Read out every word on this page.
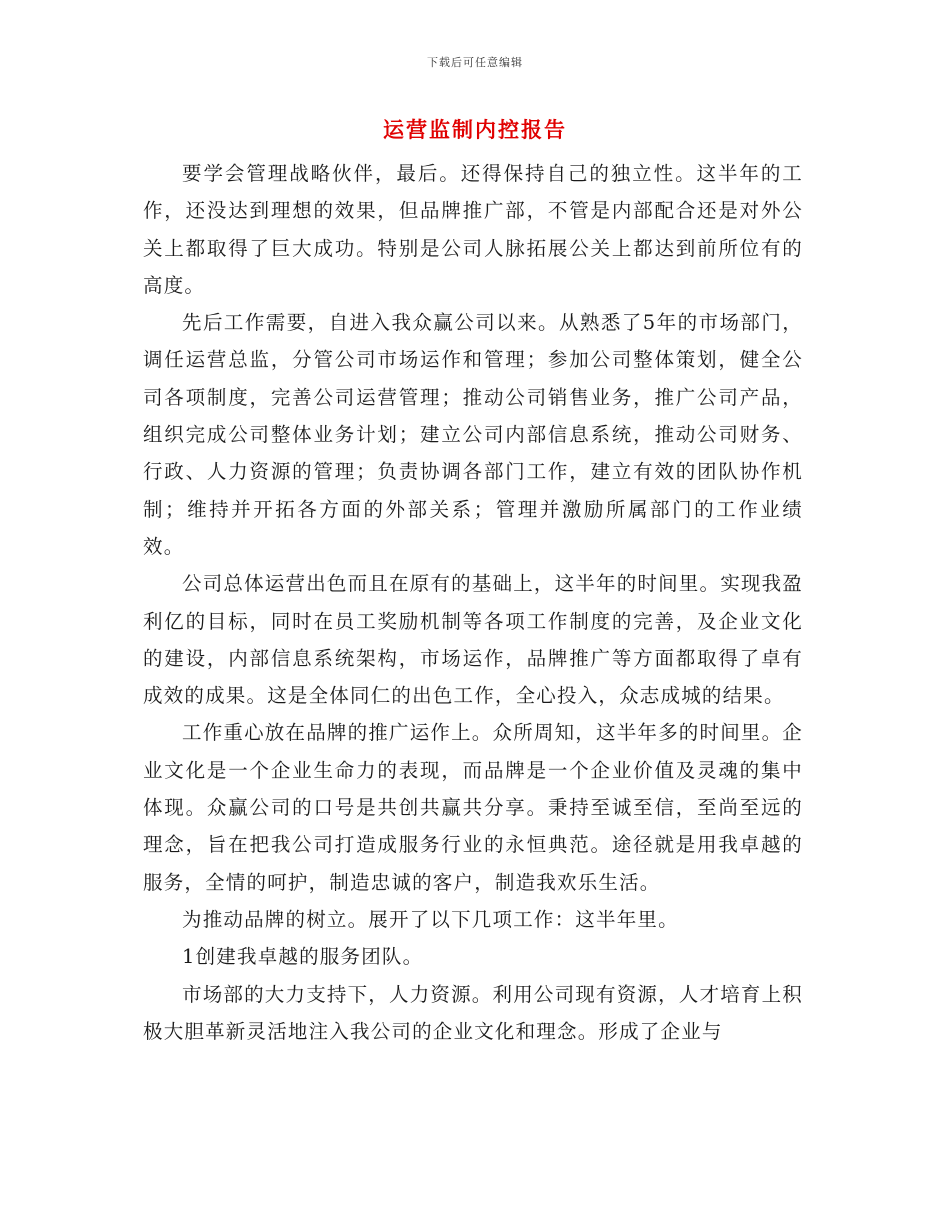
下载后可任意编辑
运营监制内控报告

要学会管理战略伙伴，最后。还得保持自己的独立性。这半年的工作，还没达到理想的效果，但品牌推广部，不管是内部配合还是对外公关上都取得了巨大成功。特别是公司人脉拓展公关上都达到前所位有的高度。

先后工作需要，自进入我众赢公司以来。从熟悉了5年的市场部门，调任运营总监，分管公司市场运作和管理；参加公司整体策划，健全公司各项制度，完善公司运营管理；推动公司销售业务，推广公司产品，组织完成公司整体业务计划；建立公司内部信息系统，推动公司财务、行政、人力资源的管理；负责协调各部门工作，建立有效的团队协作机制；维持并开拓各方面的外部关系；管理并激励所属部门的工作业绩效。

公司总体运营出色而且在原有的基础上，这半年的时间里。实现我盈利亿的目标，同时在员工奖励机制等各项工作制度的完善，及企业文化的建设，内部信息系统架构，市场运作，品牌推广等方面都取得了卓有成效的成果。这是全体同仁的出色工作，全心投入，众志成城的结果。

工作重心放在品牌的推广运作上。众所周知，这半年多的时间里。企业文化是一个企业生命力的表现，而品牌是一个企业价值及灵魂的集中体现。众赢公司的口号是共创共赢共分享。秉持至诚至信，至尚至远的理念，旨在把我公司打造成服务行业的永恒典范。途径就是用我卓越的服务，全情的呵护，制造忠诚的客户，制造我欢乐生活。

为推动品牌的树立。展开了以下几项工作：这半年里。

1创建我卓越的服务团队。

市场部的大力支持下，人力资源。利用公司现有资源，人才培育上积极大胆革新灵活地注入我公司的企业文化和理念。形成了企业与
